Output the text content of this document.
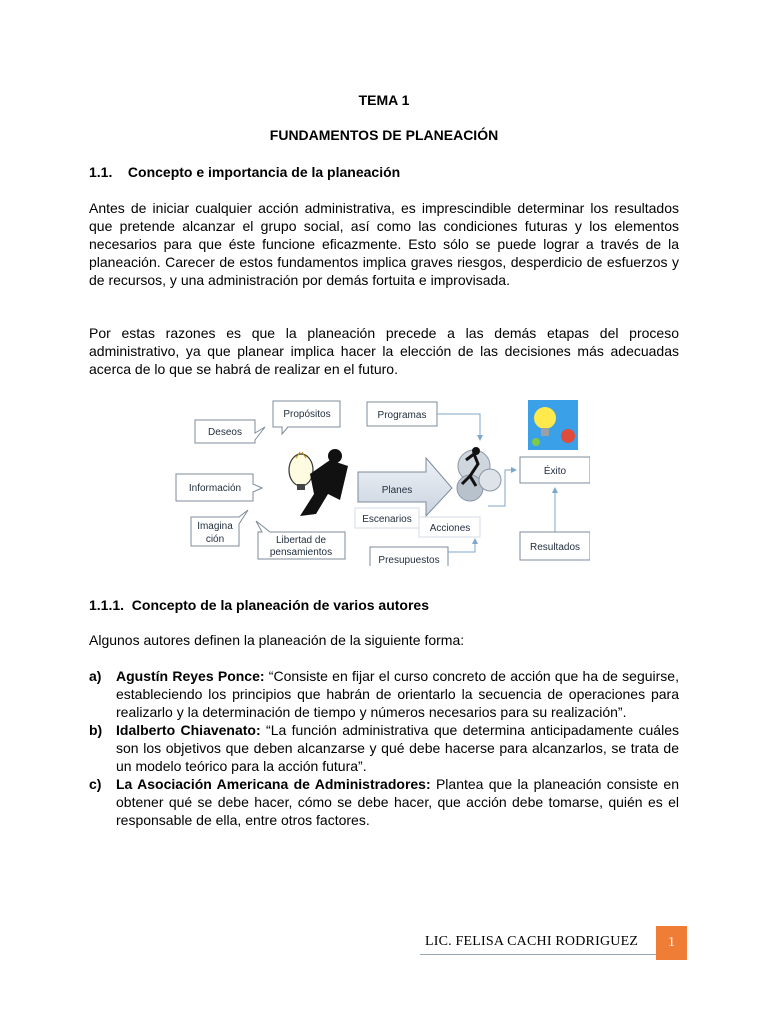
TEMA 1
FUNDAMENTOS DE PLANEACIÓN
1.1.    Concepto e importancia de la planeación

Antes de iniciar cualquier acción administrativa, es imprescindible determinar los resultados que pretende alcanzar el grupo social, así como las condiciones futuras y los elementos necesarios para que éste funcione eficazmente. Esto sólo se puede lograr a través de la planeación. Carecer de estos fundamentos implica graves riesgos, desperdicio de esfuerzos y de recursos, y una administración por demás fortuita e improvisada.

Por estas razones es que la planeación precede a las demás etapas del proceso administrativo, ya que planear implica hacer la elección de las decisiones más adecuadas acerca de lo que se habrá de realizar en el futuro.

Deseos
Propósitos	Programas
Información
Imagina
ción	Libertad de
pensamientos
Planes
Escenarios
Acciones
Presupuestos
Éxito
Resultados
1.1.1.  Concepto de la planeación de varios autores

Algunos autores definen la planeación de la siguiente forma:

a) Agustín Reyes Ponce: “Consiste en fijar el curso concreto de acción que ha de seguirse, estableciendo los principios que habrán de orientarlo la secuencia de operaciones para realizarlo y la determinación de tiempo y números necesarios para su realización”.
b) Idalberto Chiavenato: “La función administrativa que determina anticipadamente cuáles son los objetivos que deben alcanzarse y qué debe hacerse para alcanzarlos, se trata de un modelo teórico para la acción futura”.
c) La Asociación Americana de Administradores: Plantea que la planeación consiste en obtener qué se debe hacer, cómo se debe hacer, que acción debe tomarse, quién es el responsable de ella, entre otros factores.
LIC. FELISA CACHI RODRIGUEZ	1
